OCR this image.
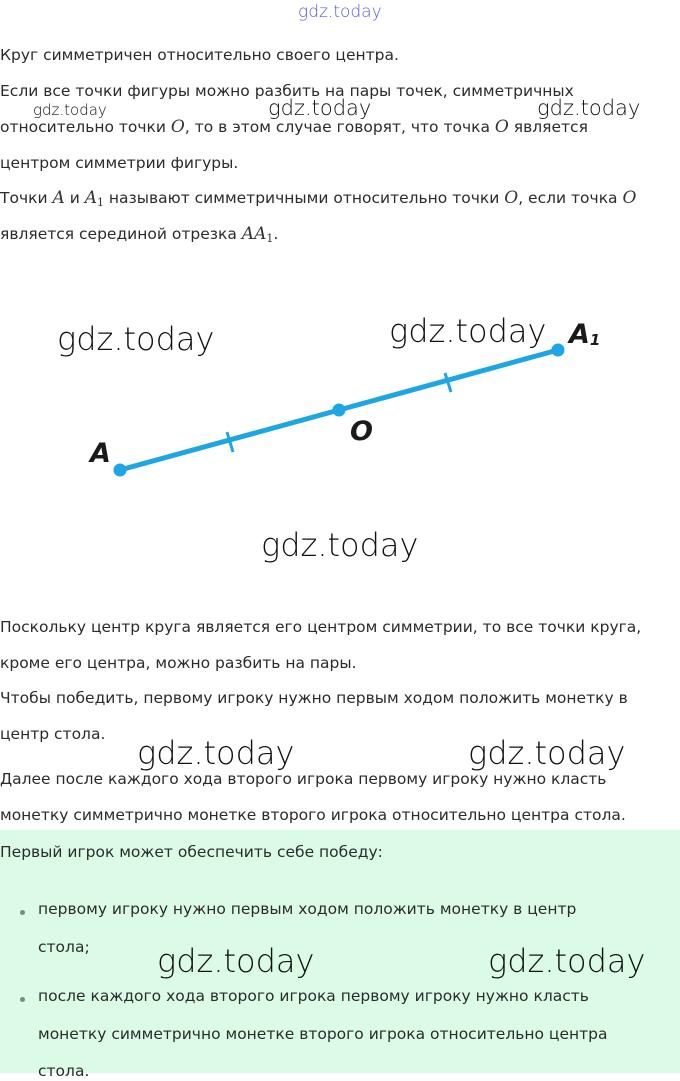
gdz.today
Круг симметричен относительно своего центра.
Если все точки фигуры можно разбить на пары точек, симметричных
относительно точки O, то в этом случае говорят, что точка O является
центром симметрии фигуры.
Точки A и $A_1$ называют симметричными относительно точки O, если точка O
является серединой отрезка $AA_1$.
gdz.today	gdz.today	gdz.today
A
O
A1
gdz.today	gdz.today
gdz.today
Поскольку центр круга является его центром симметрии, то все точки круга,
кроме его центра, можно разбить на пары.
Чтобы победить, первому игроку нужно первым ходом положить монетку в
центр стола.
Далее после каждого хода второго игрока первому игроку нужно класть
монетку симметрично монетке второго игрока относительно центра стола.
gdz.today	gdz.today
Первый игрок может обеспечить себе победу:
первому игроку нужно первым ходом положить монетку в центр
стола;
после каждого хода второго игрока первому игроку нужно класть
монетку симметрично монетке второго игрока относительно центра
стола.
gdz.today	gdz.today
